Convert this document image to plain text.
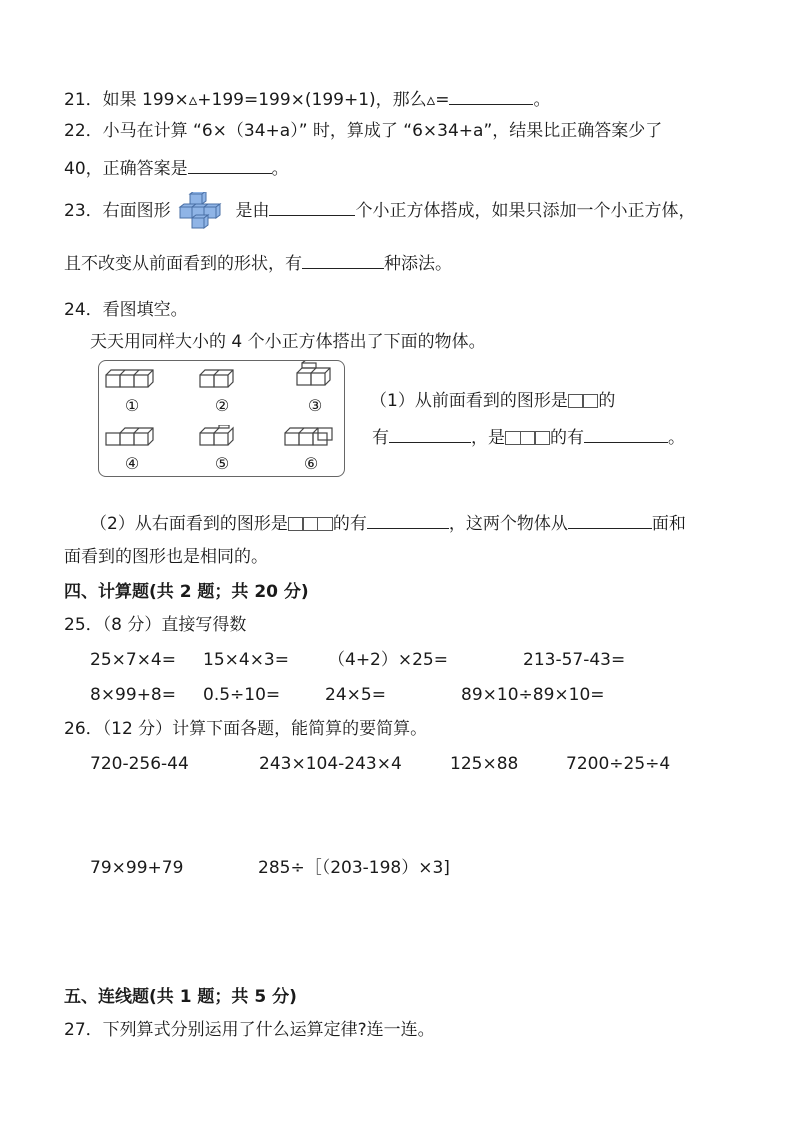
21．如果 199×▵+199=199×(199+1)，那么▵=	。
22．小马在计算 “6×（34+a）” 时，算成了 “6×34+a”，结果比正确答案少了
40，正确答案是	。
23．右面图形	是由	个小正方体搭成，如果只添加一个小正方体，
且不改变从前面看到的形状，有	种添法。
24．看图填空。
天天用同样大小的 4 个小正方体搭出了下面的物体。
①	②	③
④	⑤	⑥
（1）从前面看到的图形是 的
有	，是	的有	。
（2）从右面看到的图形是	的有	，这两个物体从	面和
面看到的图形也是相同的。
四、计算题(共 2 题；共 20 分)
25．（8 分）直接写得数
25×7×4= 15×4×3= （4+2）×25=	213-57-43=
8×99+8= 0.5÷10=	24×5=	89×10÷89×10=
26．（12 分）计算下面各题，能简算的要简算。
720-256-44	243×104-243×4	125×88	7200÷25÷4
79×99+79	285÷［（203-198）×3]
五、连线题(共 1 题；共 5 分)
27．下列算式分别运用了什么运算定律?连一连。
